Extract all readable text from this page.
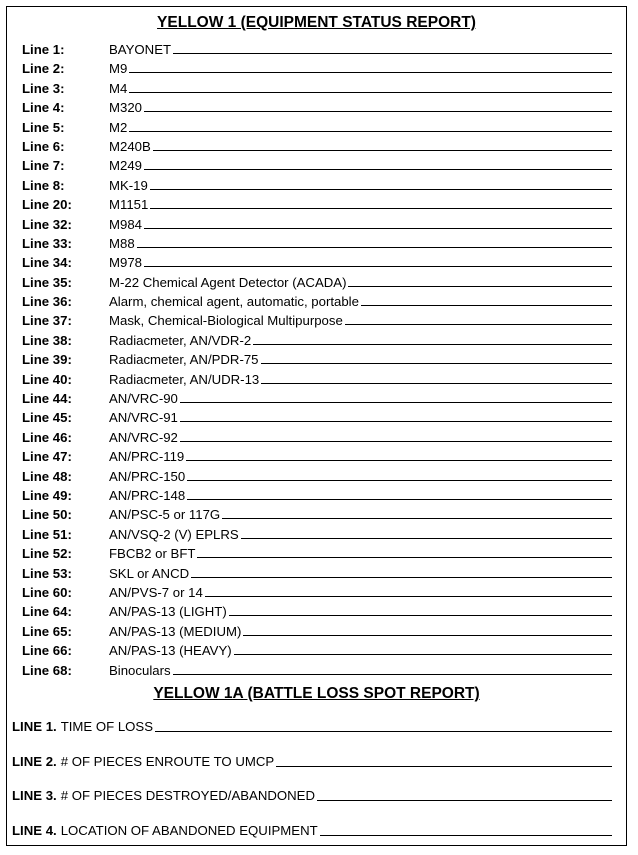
YELLOW 1 (EQUIPMENT STATUS REPORT)
Line 1:	BAYONET
Line 2:	M9
Line 3:	M4
Line 4:	M320
Line 5:	M2
Line 6:	M240B
Line 7:	M249
Line 8:	MK-19
Line 20:	M1151
Line 32:	M984
Line 33:	M88
Line 34:	M978
Line 35:	M-22 Chemical Agent Detector (ACADA)
Line 36:	Alarm, chemical agent, automatic, portable
Line 37:	Mask, Chemical-Biological Multipurpose
Line 38:	Radiacmeter, AN/VDR-2
Line 39:	Radiacmeter, AN/PDR-75
Line 40:	Radiacmeter, AN/UDR-13
Line 44:	AN/VRC-90
Line 45:	AN/VRC-91
Line 46:	AN/VRC-92
Line 47:	AN/PRC-119
Line 48:	AN/PRC-150
Line 49:	AN/PRC-148
Line 50:	AN/PSC-5 or 117G
Line 51:	AN/VSQ-2 (V) EPLRS
Line 52:	FBCB2 or BFT
Line 53:	SKL or ANCD
Line 60:	AN/PVS-7 or 14
Line 64:	AN/PAS-13 (LIGHT)
Line 65:	AN/PAS-13 (MEDIUM)
Line 66:	AN/PAS-13 (HEAVY)
Line 68:	Binoculars
YELLOW 1A (BATTLE LOSS SPOT REPORT)
LINE 1. TIME OF LOSS
LINE 2. # OF PIECES ENROUTE TO UMCP
LINE 3. # OF PIECES DESTROYED/ABANDONED
LINE 4. LOCATION OF ABANDONED EQUIPMENT
